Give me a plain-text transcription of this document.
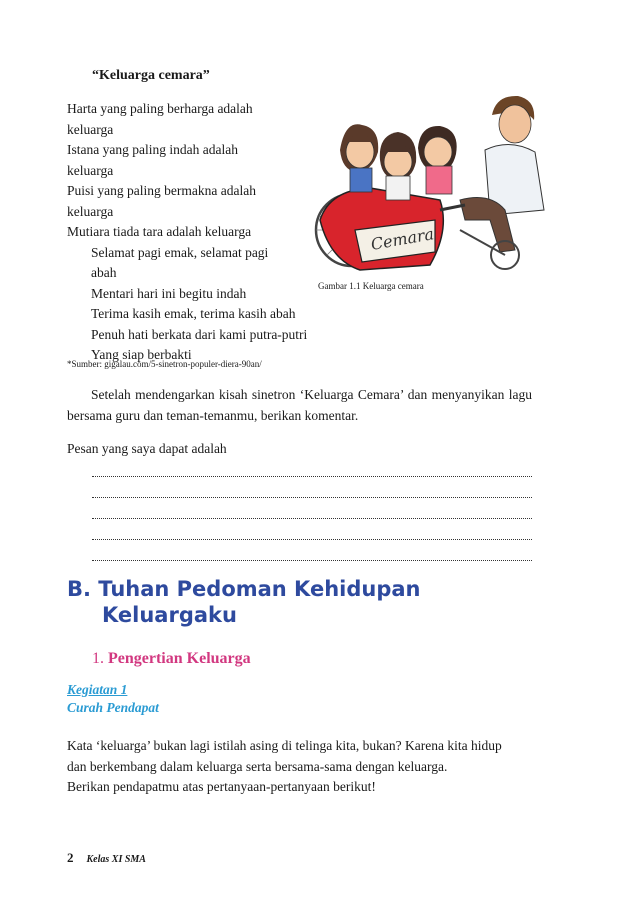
“Keluarga cemara”
Harta yang paling berharga adalah
keluarga
Istana yang paling indah adalah
keluarga
Puisi yang paling bermakna adalah
keluarga
Mutiara tiada tara adalah keluarga
Selamat pagi emak, selamat pagi
abah
Mentari hari ini begitu indah
Terima kasih emak, terima kasih abah
Penuh hati berkata dari kami putra-putri
Yang siap berbakti
Cemara
Gambar 1.1 Keluarga cemara
*Sumber: gigalau.com/5-sinetron-populer-diera-90an/
Setelah mendengarkan kisah sinetron ‘Keluarga Cemara’ dan menyanyikan lagu bersama guru dan teman-temanmu, berikan komentar.
Pesan yang saya dapat adalah
B. Tuhan Pedoman Kehidupan
Keluargaku
1. Pengertian Keluarga
Kegiatan 1
Curah Pendapat
Kata ‘keluarga’ bukan lagi istilah asing di telinga kita, bukan? Karena kita hidup
dan berkembang dalam keluarga serta bersama-sama dengan keluarga.
Berikan pendapatmu atas pertanyaan-pertanyaan berikut!
2 Kelas XI SMA
